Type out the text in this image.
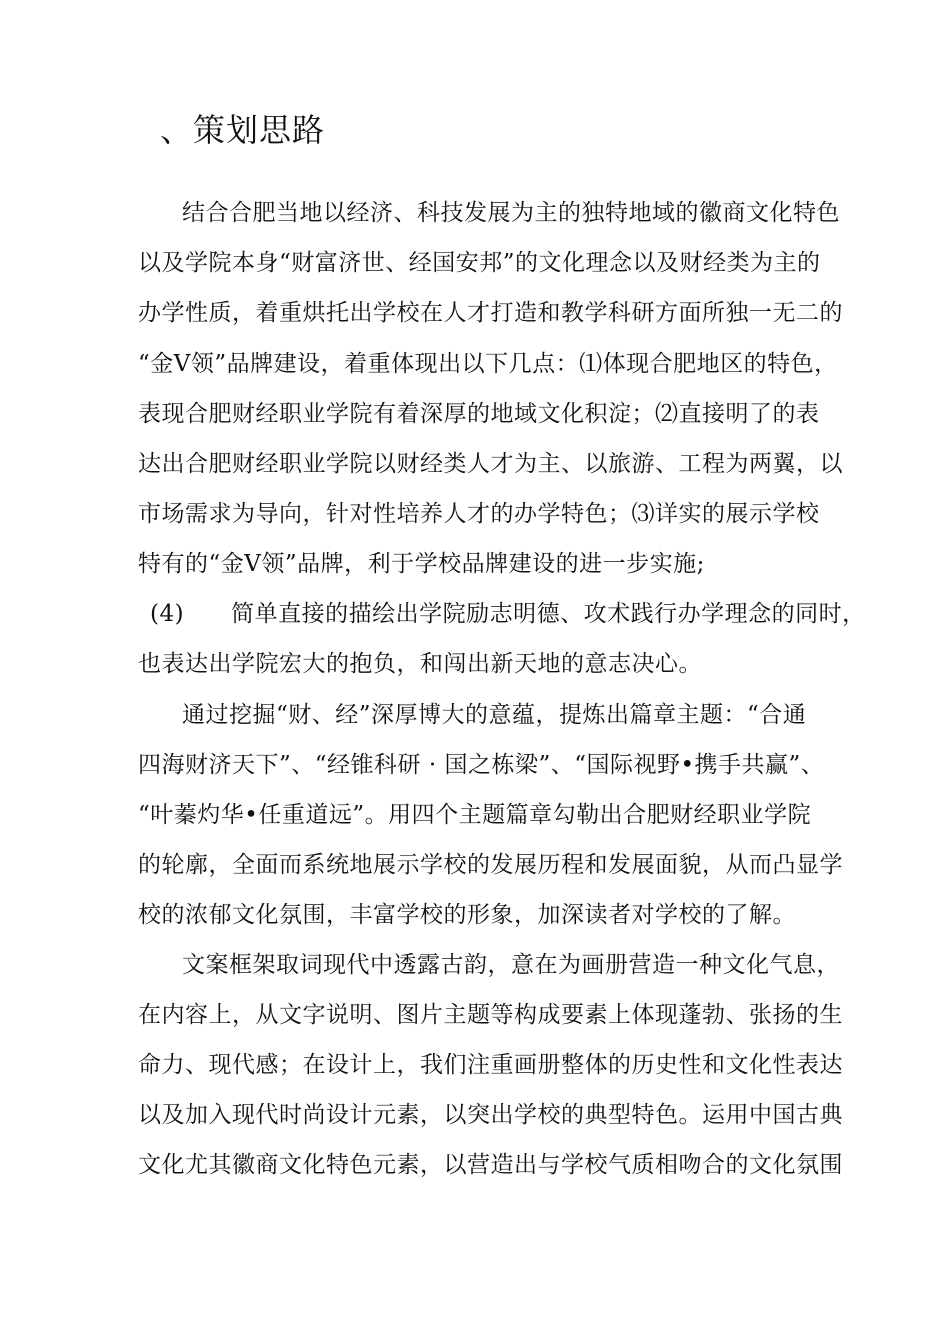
、策划思路
结合合肥当地以经济、科技发展为主的独特地域的徽商文化特色
以及学院本身“财富济世、经国安邦”的文化理念以及财经类为主的
办学性质，着重烘托出学校在人才打造和教学科研方面所独一无二的
“金Ⅴ领”品牌建设，着重体现出以下几点：⑴体现合肥地区的特色，
表现合肥财经职业学院有着深厚的地域文化积淀；⑵直接明了的表
达出合肥财经职业学院以财经类人才为主、以旅游、工程为两翼，以
市场需求为导向，针对性培养人才的办学特色；⑶详实的展示学校
特有的“金Ⅴ领”品牌，利于学校品牌建设的进一步实施;
(4)　　简单直接的描绘出学院励志明德、攻术践行办学理念的同时，
也表达出学院宏大的抱负，和闯出新天地的意志决心。
通过挖掘“财、经”深厚博大的意蕴，提炼出篇章主题：“合通
四海财济天下”、“经锥科研 · 国之栋梁”、“国际视野•携手共赢”、
“叶蓁灼华•任重道远”。用四个主题篇章勾勒出合肥财经职业学院
的轮廓，全面而系统地展示学校的发展历程和发展面貌，从而凸显学
校的浓郁文化氛围，丰富学校的形象，加深读者对学校的了解。
文案框架取词现代中透露古韵，意在为画册营造一种文化气息，
在内容上，从文字说明、图片主题等构成要素上体现蓬勃、张扬的生
命力、现代感；在设计上，我们注重画册整体的历史性和文化性表达
以及加入现代时尚设计元素，以突出学校的典型特色。运用中国古典
文化尤其徽商文化特色元素，以营造出与学校气质相吻合的文化氛围
